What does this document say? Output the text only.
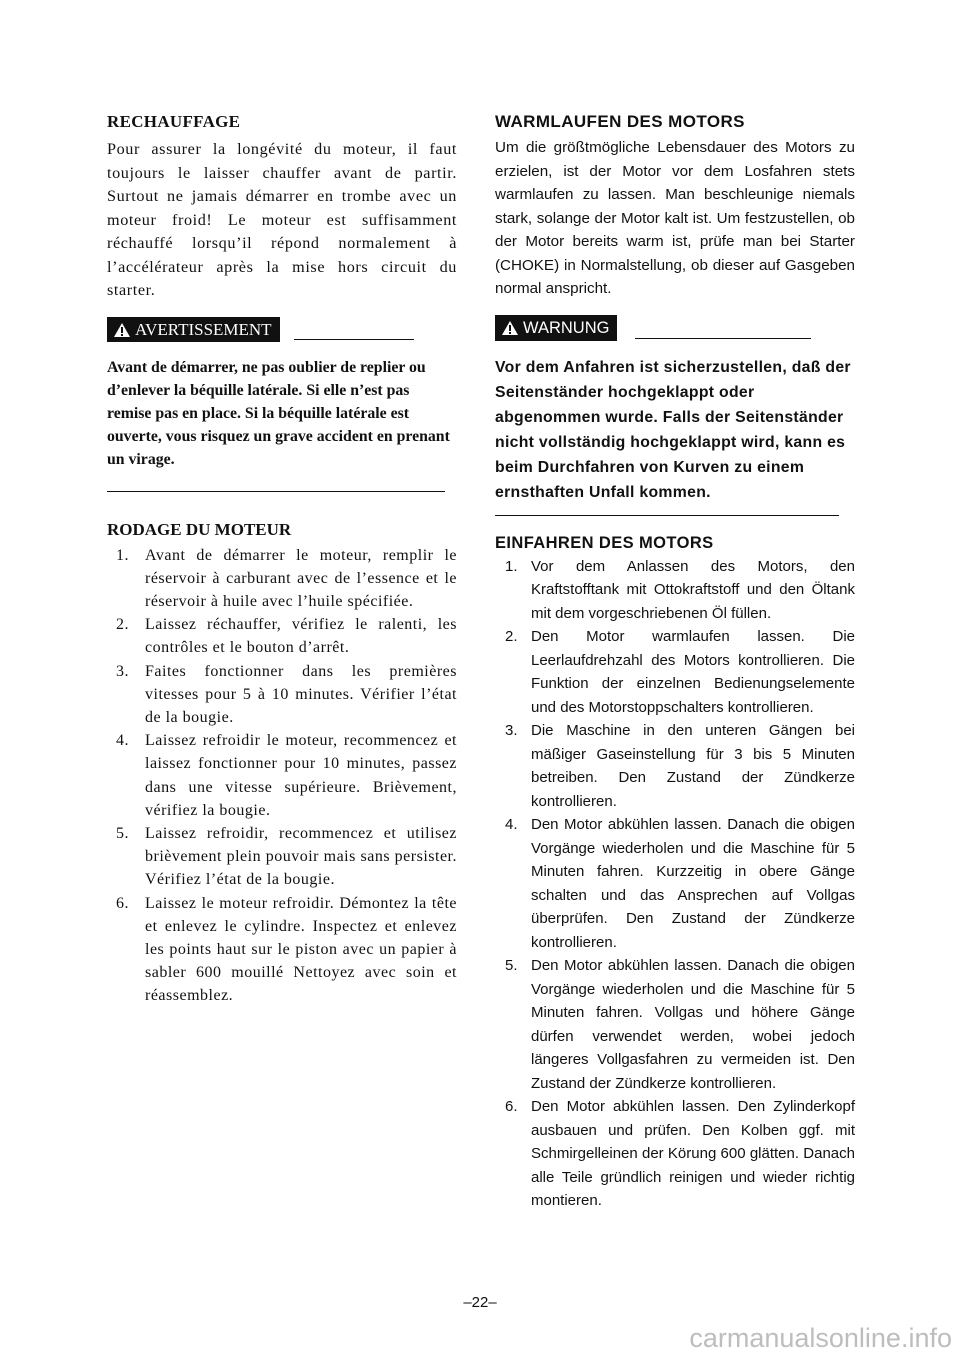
RECHAUFFAGE

Pour assurer la longévité du moteur, il faut toujours le laisser chauffer avant de partir. Surtout ne jamais démarrer en trombe avec un moteur froid! Le moteur est suffisamment réchauffé lorsqu’il répond normalement à l’accélérateur après la mise hors circuit du starter.

AVERTISSEMENT

Avant de démarrer, ne pas oublier de replier ou d’enlever la béquille latérale. Si elle n’est pas remise pas en place. Si la béquille latérale est ouverte, vous risquez un grave accident en prenant un virage.

RODAGE DU MOTEUR
1.	Avant de démarrer le moteur, remplir le réservoir à carburant avec de l’essence et le réservoir à huile avec l’huile spécifiée.
2.	Laissez réchauffer, vérifiez le ralenti, les contrôles et le bouton d’arrêt.
3.	Faites fonctionner dans les premières vitesses pour 5 à 10 minutes. Vérifier l’état de la bougie.
4.	Laissez refroidir le moteur, recommencez et laissez fonctionner pour 10 minutes, passez dans une vitesse supérieure. Brièvement, vérifiez la bougie.
5.	Laissez refroidir, recommencez et utilisez brièvement plein pouvoir mais sans persister. Vérifiez l’état de la bougie.
6.	Laissez le moteur refroidir. Démontez la tête et enlevez le cylindre. Inspectez et enlevez les points haut sur le piston avec un papier à sabler 600 mouillé Nettoyez avec soin et réassemblez.
WARMLAUFEN DES MOTORS

Um die größtmögliche Lebensdauer des Motors zu erzielen, ist der Motor vor dem Losfahren stets warmlaufen zu lassen. Man beschleunige niemals stark, solange der Motor kalt ist. Um festzustellen, ob der Motor bereits warm ist, prüfe man bei Starter (CHOKE) in Normalstellung, ob dieser auf Gasgeben normal anspricht.

WARNUNG

Vor dem Anfahren ist sicherzustellen, daß der Seitenständer hochgeklappt oder abgenommen wurde. Falls der Seitenständer nicht vollständig hochgeklappt wird, kann es beim Durchfahren von Kurven zu einem ernsthaften Unfall kommen.

EINFAHREN DES MOTORS
1. Vor dem Anlassen des Motors, den Kraftstofftank mit Ottokraftstoff und den Öltank mit dem vorgeschriebenen Öl füllen.
2. Den Motor warmlaufen lassen. Die Leerlaufdrehzahl des Motors kontrollieren. Die Funktion der einzelnen Bedienungselemente und des Motorstoppschalters kontrollieren.
3. Die Maschine in den unteren Gängen bei mäßiger Gaseinstellung für 3 bis 5 Minuten betreiben. Den Zustand der Zündkerze kontrollieren.
4. Den Motor abkühlen lassen. Danach die obigen Vorgänge wiederholen und die Maschine für 5 Minuten fahren. Kurzzeitig in obere Gänge schalten und das Ansprechen auf Vollgas überprüfen. Den Zustand der Zündkerze kontrollieren.
5. Den Motor abkühlen lassen. Danach die obigen Vorgänge wiederholen und die Maschine für 5 Minuten fahren. Vollgas und höhere Gänge dürfen verwendet werden, wobei jedoch längeres Vollgasfahren zu vermeiden ist. Den Zustand der Zündkerze kontrollieren.
6. Den Motor abkühlen lassen. Den Zylinderkopf ausbauen und prüfen. Den Kolben ggf. mit Schmirgelleinen der Körung 600 glätten. Danach alle Teile gründlich reinigen und wieder richtig montieren.
–22–
carmanualsonline.info
